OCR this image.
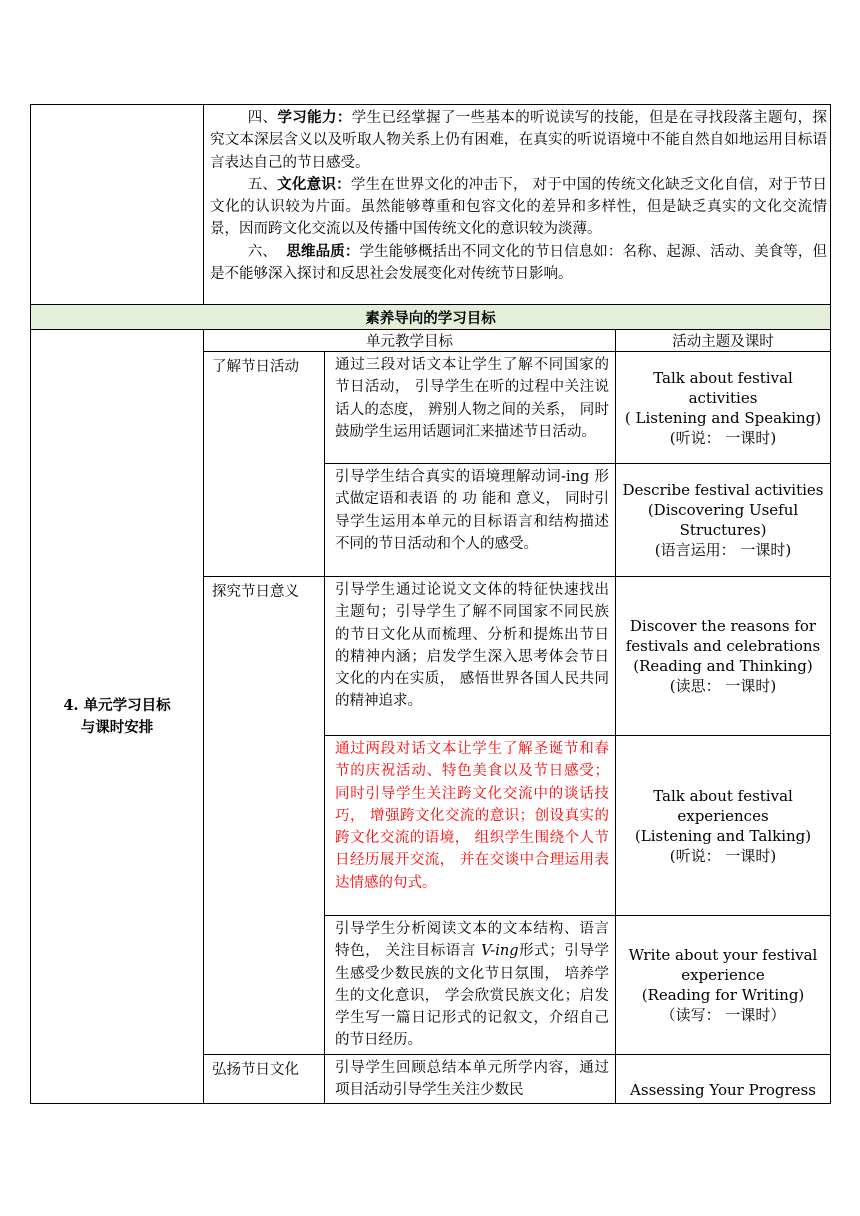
	四、学习能力：学生已经掌握了一些基本的听说读写的技能，但是在寻找段落主题句，探究文本深层含义以及听取人物关系上仍有困难，在真实的听说语境中不能自然自如地运用目标语言表达自己的节日感受。

五、文化意识：学生在世界文化的冲击下， 对于中国的传统文化缺乏文化自信，对于节日文化的认识较为片面。虽然能够尊重和包容文化的差异和多样性，但是缺乏真实的文化交流情景，因而跨文化交流以及传播中国传统文化的意识较为淡薄。

六、  思维品质：学生能够概括出不同文化的节日信息如：名称、起源、活动、美食等，但是不能够深入探讨和反思社会发展变化对传统节日影响。		

素养导向的学习目标			

4. 单元学习目标
与课时安排	单元教学目标		活动主题及课时
	了解节日活动	通过三段对话文本让学生了解不同国家的节日活动， 引导学生在听的过程中关注说话人的态度， 辨别人物之间的关系， 同时鼓励学生运用话题词汇来描述节日活动。	Talk about festival activities
( Listening and Speaking)
(听说： 一课时)

		引导学生结合真实的语境理解动词-ing 形 式做定语和表语 的 功 能和 意义， 同时引导学生运用本单元的目标语言和结构描述不同的节日活动和个人的感受。	Describe festival activities
(Discovering Useful
Structures)
(语言运用： 一课时)

	探究节日意义	引导学生通过论说文文体的特征快速找出主题句；引导学生了解不同国家不同民族的节日文化从而梳理、分析和提炼出节日的精神内涵；启发学生深入思考体会节日文化的内在实质， 感悟世界各国人民共同的精神追求。	Discover the reasons for
festivals and celebrations
(Reading and Thinking)
(读思： 一课时)

		通过两段对话文本让学生了解圣诞节和春节的庆祝活动、特色美食以及节日感受；同时引导学生关注跨文化交流中的谈话技巧， 增强跨文化交流的意识；创设真实的跨文化交流的语境， 组织学生围绕个人节日经历展开交流， 并在交谈中合理运用表达情感的句式。	Talk about festival
experiences
(Listening and Talking)
(听说： 一课时)

		引导学生分析阅读文本的文本结构、语言特色， 关注目标语言 V-ing形式；引导学生感受少数民族的文化节日氛围， 培养学生的文化意识， 学会欣赏民族文化；启发学生写一篇日记形式的记叙文，介绍自己的节日经历。	Write about your festival
experience
(Reading for Writing)
（读写： 一课时）

	弘扬节日文化	引导学生回顾总结本单元所学内容，通过项目活动引导学生关注少数民	Assessing Your Progress
